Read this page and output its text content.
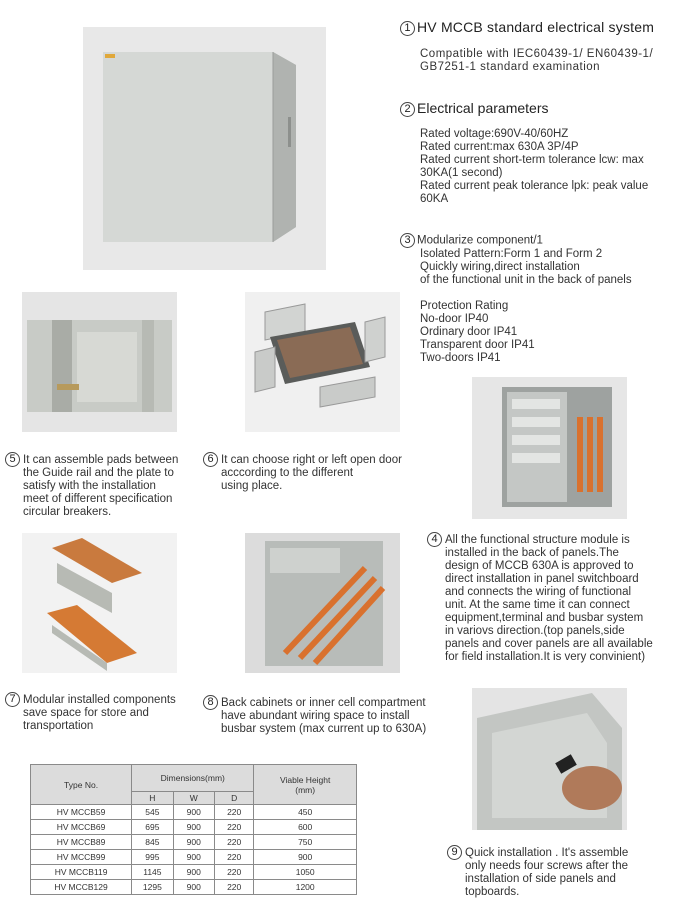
1 HV MCCB standard electrical system
Compatible with IEC60439-1/ EN60439-1/
GB7251-1 standard examination
2 Electrical parameters
Rated voltage:690V-40/60HZ
Rated current:max 630A 3P/4P
Rated current short-term tolerance lcw: max
30KA(1 second)
Rated current peak tolerance lpk: peak value
60KA
3 Modularize component/1
Isolated Pattern:Form 1 and Form 2
Quickly wiring,direct installation
of the functional unit in the back of panels
Protection Rating
No-door IP40
Ordinary door IP41
Transparent door IP41
Two-doors IP41
5 It can assemble pads between
the Guide rail and the plate to
satisfy with the installation
meet of different specification
circular breakers.
6 It can choose right or left open door
acccording to the different
using place.
4 All the functional structure module is
installed in the back of panels.The
design of MCCB 630A is approved to
direct installation in panel switchboard
and connects the wiring of functional
unit. At the same time it can connect
equipment,terminal and busbar system
in variovs direction.(top panels,side
panels and cover panels are all available
for field installation.It is very convinient)
7 Modular installed components
save space for store and
transportation
8 Back cabinets or inner cell compartment
have abundant wiring space to install
busbar system (max current up to 630A)
Type No.	Dimensions(mm)			Viable Height
(mm)
	H	W	D	
HV MCCB59	545	900	220	450
HV MCCB69	695	900	220	600
HV MCCB89	845	900	220	750
HV MCCB99	995	900	220	900
HV MCCB119	1145	900	220	1050
HV MCCB129	1295	900	220	1200
9 Quick installation . It's assemble
only needs four screws after the
installation of side panels and
topboards.
